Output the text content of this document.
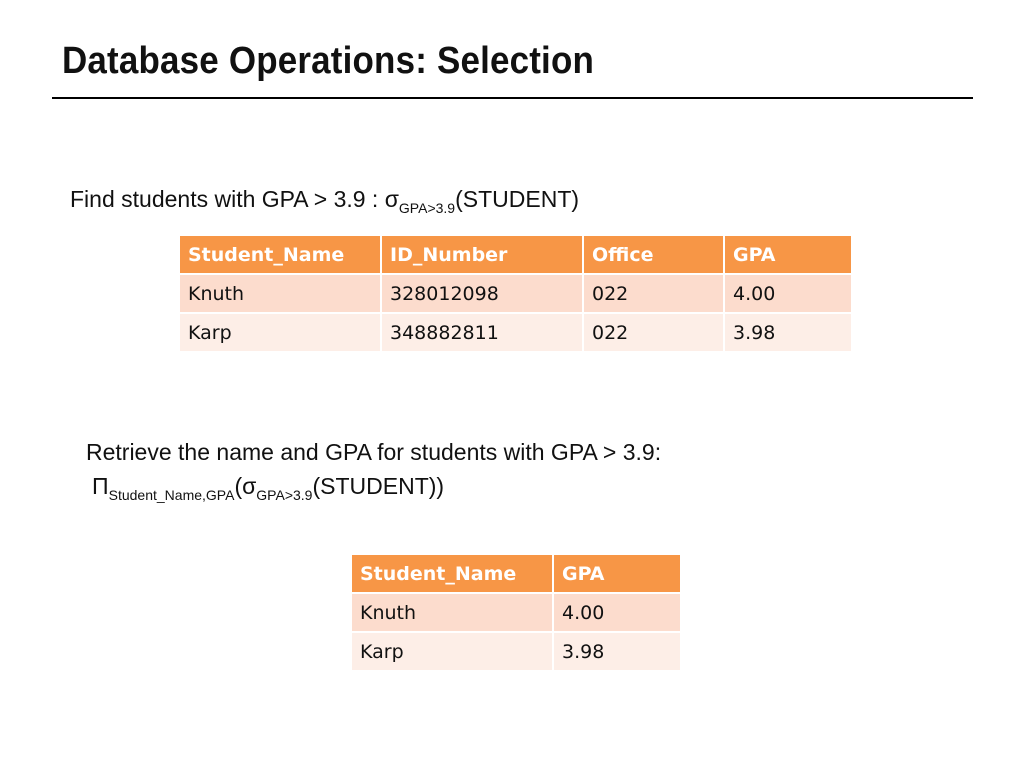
Database Operations: Selection
Find students with GPA > 3.9 : $\sigma_{GPA>3.9}(STUDENT)$
Student_Name	ID_Number	Office	GPA
Knuth	328012098	022	4.00
Karp	348882811	022	3.98
Retrieve the name and GPA for students with GPA > 3.9:
$\Pi_{Student\_Name,GPA}(\sigma_{GPA>3.9}(STUDENT))$
Student_Name	GPA
Knuth	4.00
Karp	3.98
